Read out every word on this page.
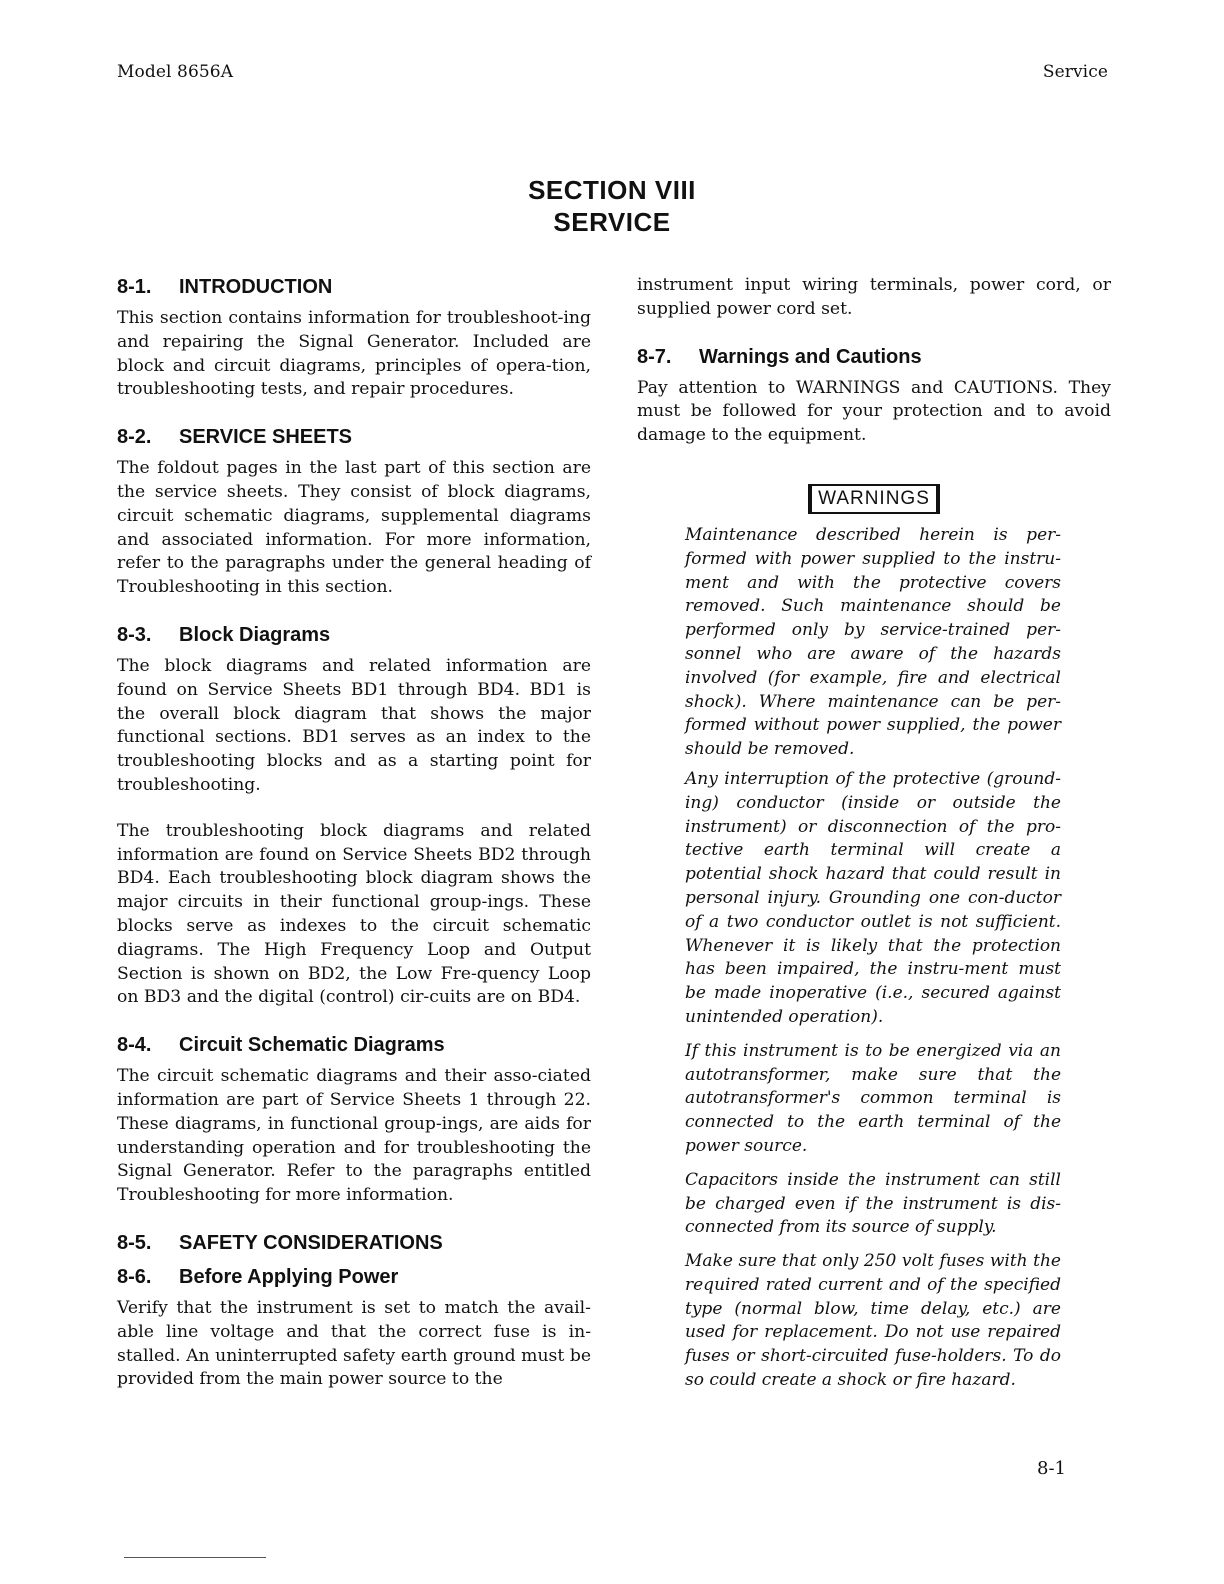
Model 8656A	Service
SECTION VIII
SERVICE
8-1. INTRODUCTION

This section contains information for troubleshoot-ing and repairing the Signal Generator. Included are block and circuit diagrams, principles of opera-tion, troubleshooting tests, and repair procedures.

8-2. SERVICE SHEETS

The foldout pages in the last part of this section are the service sheets. They consist of block diagrams, circuit schematic diagrams, supplemental diagrams and associated information. For more information, refer to the paragraphs under the general heading of Troubleshooting in this section.

8-3. Block Diagrams

The block diagrams and related information are found on Service Sheets BD1 through BD4. BD1 is the overall block diagram that shows the major functional sections. BD1 serves as an index to the troubleshooting blocks and as a starting point for troubleshooting.

The troubleshooting block diagrams and related information are found on Service Sheets BD2 through BD4. Each troubleshooting block diagram shows the major circuits in their functional group-ings. These blocks serve as indexes to the circuit schematic diagrams. The High Frequency Loop and Output Section is shown on BD2, the Low Fre-quency Loop on BD3 and the digital (control) cir-cuits are on BD4.

8-4. Circuit Schematic Diagrams

The circuit schematic diagrams and their asso-ciated information are part of Service Sheets 1 through 22. These diagrams, in functional group-ings, are aids for understanding operation and for troubleshooting the Signal Generator. Refer to the paragraphs entitled Troubleshooting for more information.

8-5. SAFETY CONSIDERATIONS
8-6. Before Applying Power

Verify that the instrument is set to match the avail-able line voltage and that the correct fuse is in-stalled. An uninterrupted safety earth ground must be provided from the main power source to the

instrument input wiring terminals, power cord, or supplied power cord set.

8-7. Warnings and Cautions

Pay attention to WARNINGS and CAUTIONS. They must be followed for your protection and to avoid damage to the equipment.

WARNINGS

Maintenance described herein is per-formed with power supplied to the instru-ment and with the protective covers removed. Such maintenance should be performed only by service-trained per-sonnel who are aware of the hazards involved (for example, fire and electrical shock). Where maintenance can be per-formed without power supplied, the power should be removed.

Any interruption of the protective (ground-ing) conductor (inside or outside the instrument) or disconnection of the pro-tective earth terminal will create a potential shock hazard that could result in personal injury. Grounding one con-ductor of a two conductor outlet is not sufficient. Whenever it is likely that the protection has been impaired, the instru-ment must be made inoperative (i.e., secured against unintended operation).

If this instrument is to be energized via an autotransformer, make sure that the autotransformer's common terminal is connected to the earth terminal of the power source.

Capacitors inside the instrument can still be charged even if the instrument is dis-connected from its source of supply.

Make sure that only 250 volt fuses with the required rated current and of the specified type (normal blow, time delay, etc.) are used for replacement. Do not use repaired fuses or short-circuited fuse-holders. To do so could create a shock or fire hazard.

8-1
